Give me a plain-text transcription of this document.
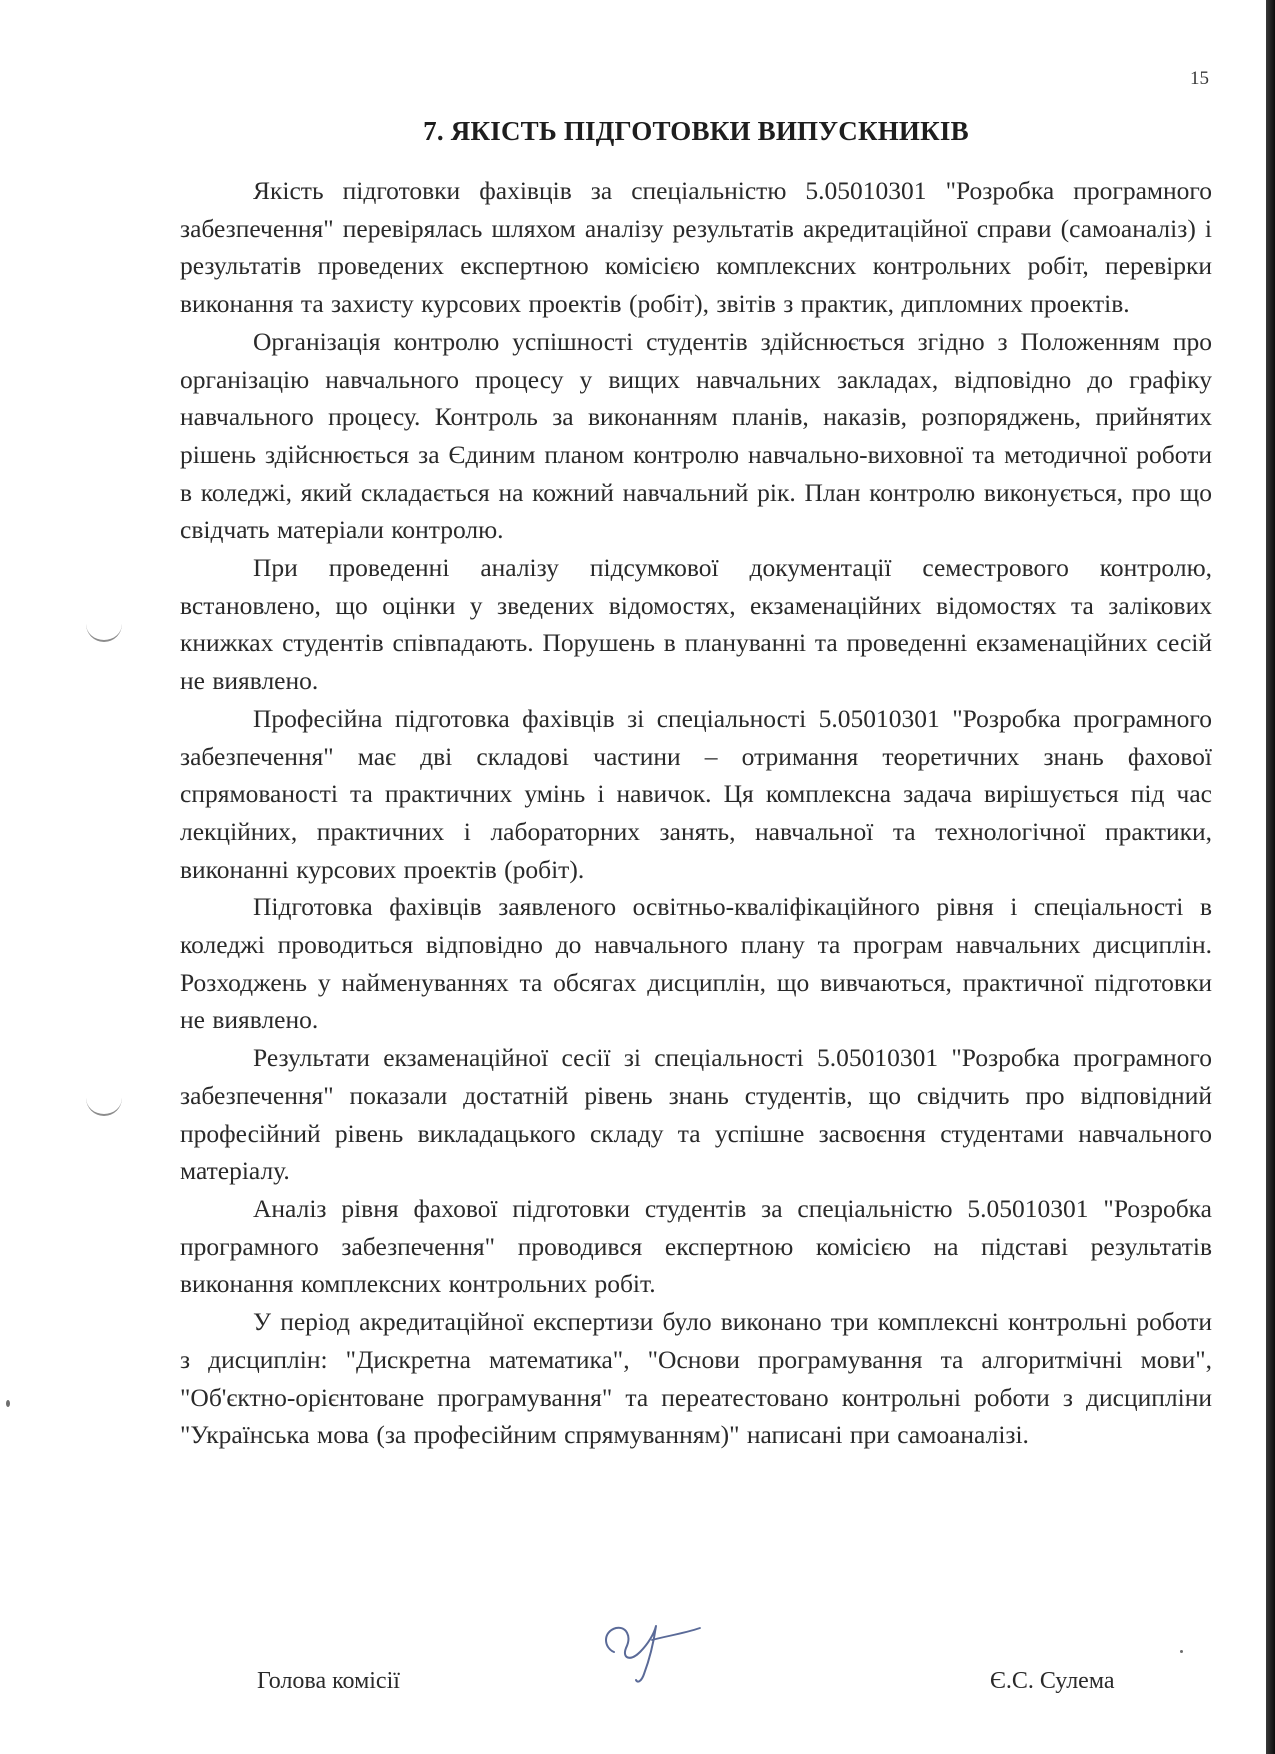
15
7. ЯКІСТЬ ПІДГОТОВКИ ВИПУСКНИКІВ

Якість підготовки фахівців за спеціальністю 5.05010301 "Розробка програмного забезпечення" перевірялась шляхом аналізу результатів акредитаційної справи (самоаналіз) і результатів проведених експертною комісією комплексних контрольних робіт, перевірки виконання та захисту курсових проектів (робіт), звітів з практик, дипломних проектів.

Організація контролю успішності студентів здійснюється згідно з Положенням про організацію навчального процесу у вищих навчальних закладах, відповідно до графіку навчального процесу. Контроль за виконанням планів, наказів, розпоряджень, прийнятих рішень здійснюється за Єдиним планом контролю навчально-виховної та методичної роботи в коледжі, який складається на кожний навчальний рік. План контролю виконується, про що свідчать матеріали контролю.

При проведенні аналізу підсумкової документації семестрового контролю, встановлено, що оцінки у зведених відомостях, екзаменаційних відомостях та залікових книжках студентів співпадають. Порушень в плануванні та проведенні екзаменаційних сесій не виявлено.

Професійна підготовка фахівців зі спеціальності 5.05010301 "Розробка програмного забезпечення" має дві складові частини – отримання теоретичних знань фахової спрямованості та практичних умінь і навичок. Ця комплексна задача вирішується під час лекційних, практичних і лабораторних занять, навчальної та технологічної практики, виконанні курсових проектів (робіт).

Підготовка фахівців заявленого освітньо-кваліфікаційного рівня і спеціальності в коледжі проводиться відповідно до навчального плану та програм навчальних дисциплін. Розходжень у найменуваннях та обсягах дисциплін, що вивчаються, практичної підготовки не виявлено.

Результати екзаменаційної сесії зі спеціальності 5.05010301 "Розробка програмного забезпечення" показали достатній рівень знань студентів, що свідчить про відповідний професійний рівень викладацького складу та успішне засвоєння студентами навчального матеріалу.

Аналіз рівня фахової підготовки студентів за спеціальністю 5.05010301 "Розробка програмного забезпечення" проводився експертною комісією на підставі результатів виконання комплексних контрольних робіт.

У період акредитаційної експертизи було виконано три комплексні контрольні роботи з дисциплін: "Дискретна математика", "Основи програмування та алгоритмічні мови", "Об'єктно-орієнтоване програмування" та переатестовано контрольні роботи з дисципліни "Українська мова (за професійним спрямуванням)" написані при самоаналізі.

Голова комісії	Є.С. Сулема
